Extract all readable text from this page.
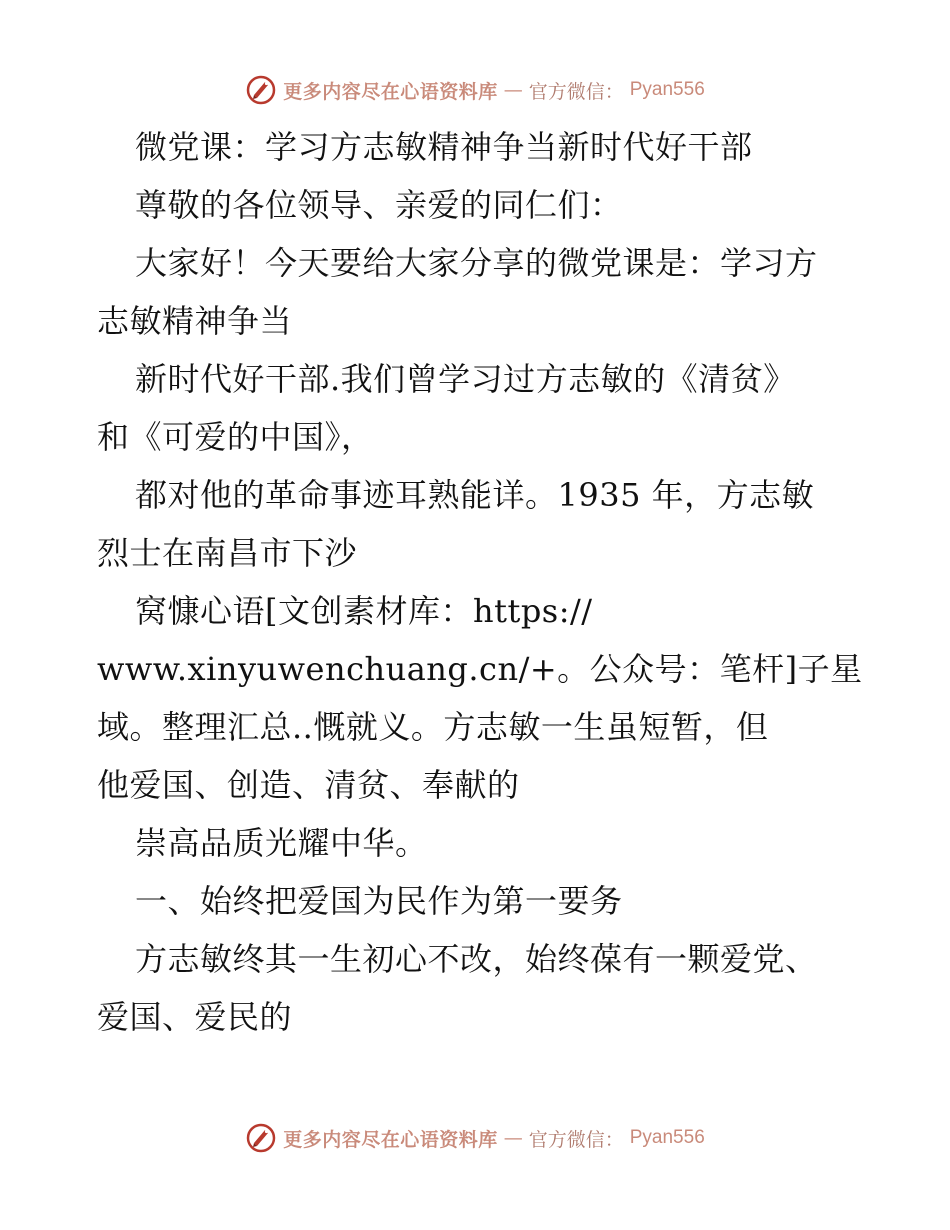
更多内容尽在心语资料库 — 官方微信： Pyan556
微党课：学习方志敏精神争当新时代好干部
尊敬的各位领导、亲爱的同仁们：
大家好！今天要给大家分享的微党课是：学习方
志敏精神争当
新时代好干部.我们曾学习过方志敏的《清贫》
和《可爱的中国》，
都对他的革命事迹耳熟能详。1935 年，方志敏
烈士在南昌市下沙
窝慷心语[文创素材库：https://
www.xinyuwenchuang.cn/+。公众号：笔杆]子星
域。整理汇总..慨就义。方志敏一生虽短暂，但
他爱国、创造、清贫、奉献的
崇高品质光耀中华。
一、始终把爱国为民作为第一要务
方志敏终其一生初心不改，始终葆有一颗爱党、
爱国、爱民的
更多内容尽在心语资料库 — 官方微信： Pyan556
